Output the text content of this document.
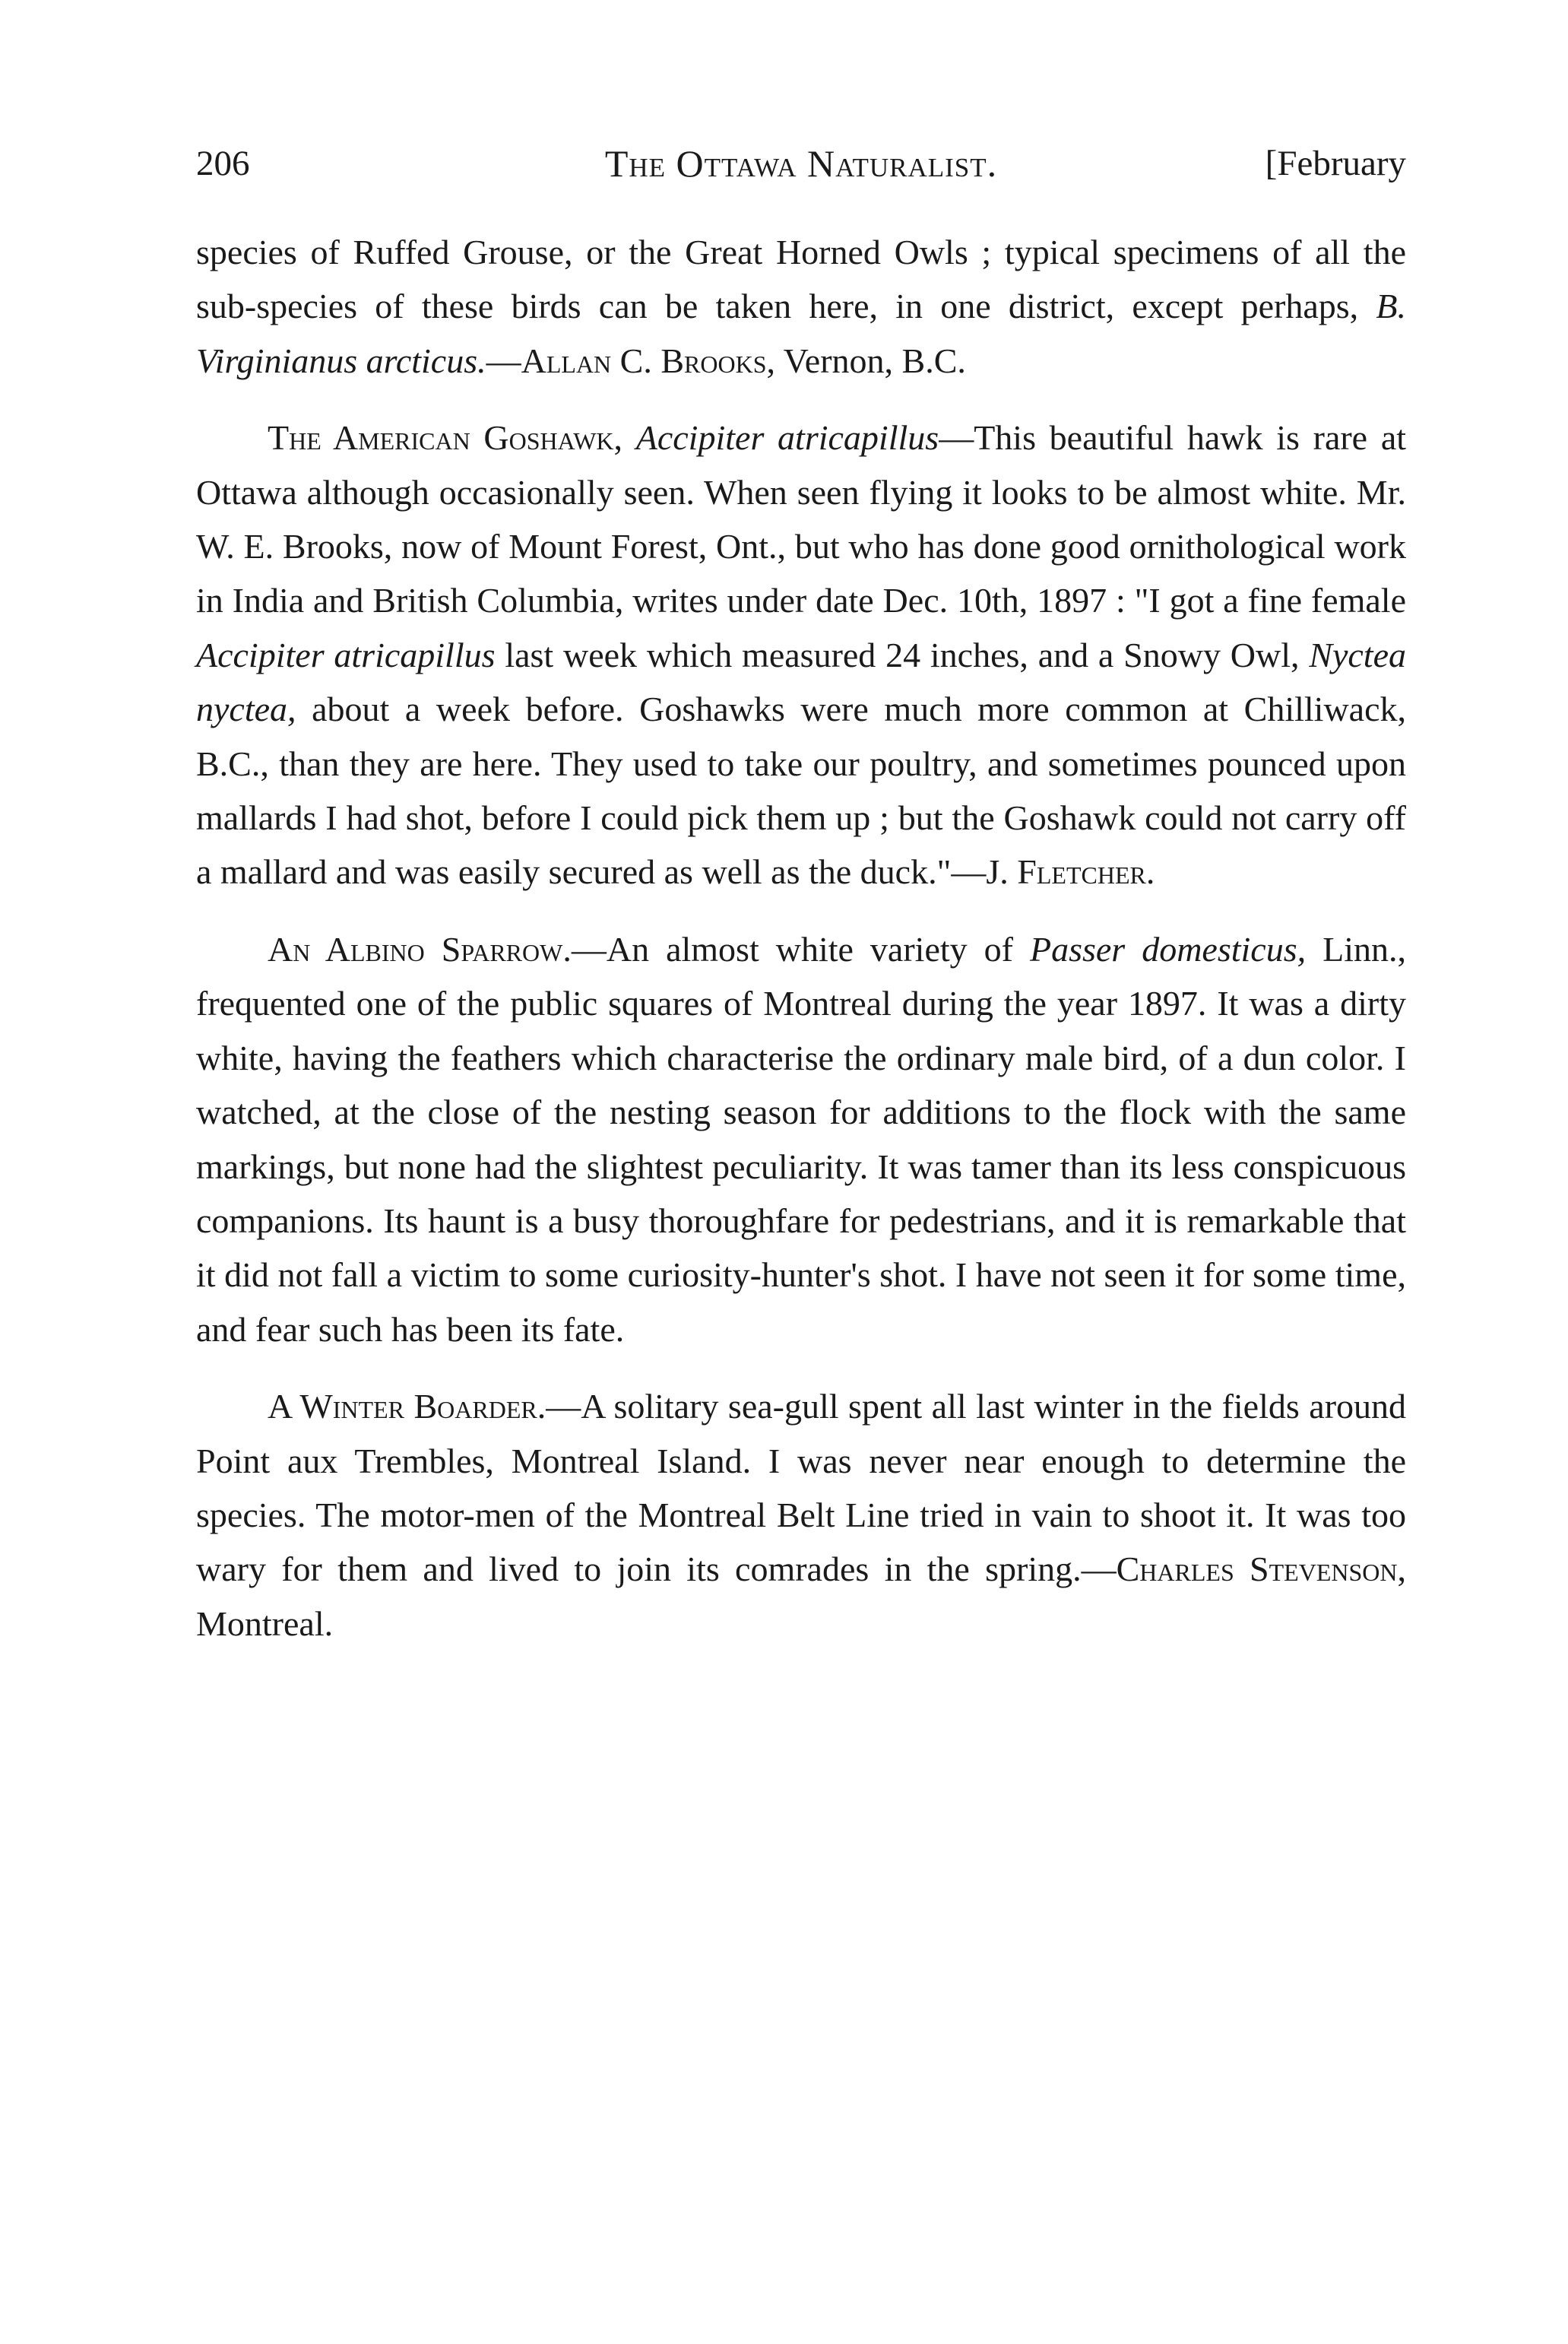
206	The Ottawa Naturalist.	[February

species of Ruffed Grouse, or the Great Horned Owls ; typical specimens of all the sub-species of these birds can be taken here, in one district, except perhaps, B. Virginianus arcticus.—Allan C. Brooks, Vernon, B.C.

The American Goshawk, Accipiter atricapillus—This beautiful hawk is rare at Ottawa although occasionally seen. When seen flying it looks to be almost white. Mr. W. E. Brooks, now of Mount Forest, Ont., but who has done good ornithological work in India and British Columbia, writes under date Dec. 10th, 1897 : "I got a fine female Accipiter atricapillus last week which measured 24 inches, and a Snowy Owl, Nyctea nyctea, about a week before. Goshawks were much more common at Chilliwack, B.C., than they are here. They used to take our poultry, and sometimes pounced upon mallards I had shot, before I could pick them up ; but the Goshawk could not carry off a mallard and was easily secured as well as the duck."—J. Fletcher.

An Albino Sparrow.—An almost white variety of Passer domesticus, Linn., frequented one of the public squares of Montreal during the year 1897. It was a dirty white, having the feathers which characterise the ordinary male bird, of a dun color. I watched, at the close of the nesting season for additions to the flock with the same markings, but none had the slightest peculiarity. It was tamer than its less conspicuous companions. Its haunt is a busy thoroughfare for pedestrians, and it is remarkable that it did not fall a victim to some curiosity-hunter's shot. I have not seen it for some time, and fear such has been its fate.

A Winter Boarder.—A solitary sea-gull spent all last winter in the fields around Point aux Trembles, Montreal Island. I was never near enough to determine the species. The motor-men of the Montreal Belt Line tried in vain to shoot it. It was too wary for them and lived to join its comrades in the spring.—Charles Stevenson, Montreal.
